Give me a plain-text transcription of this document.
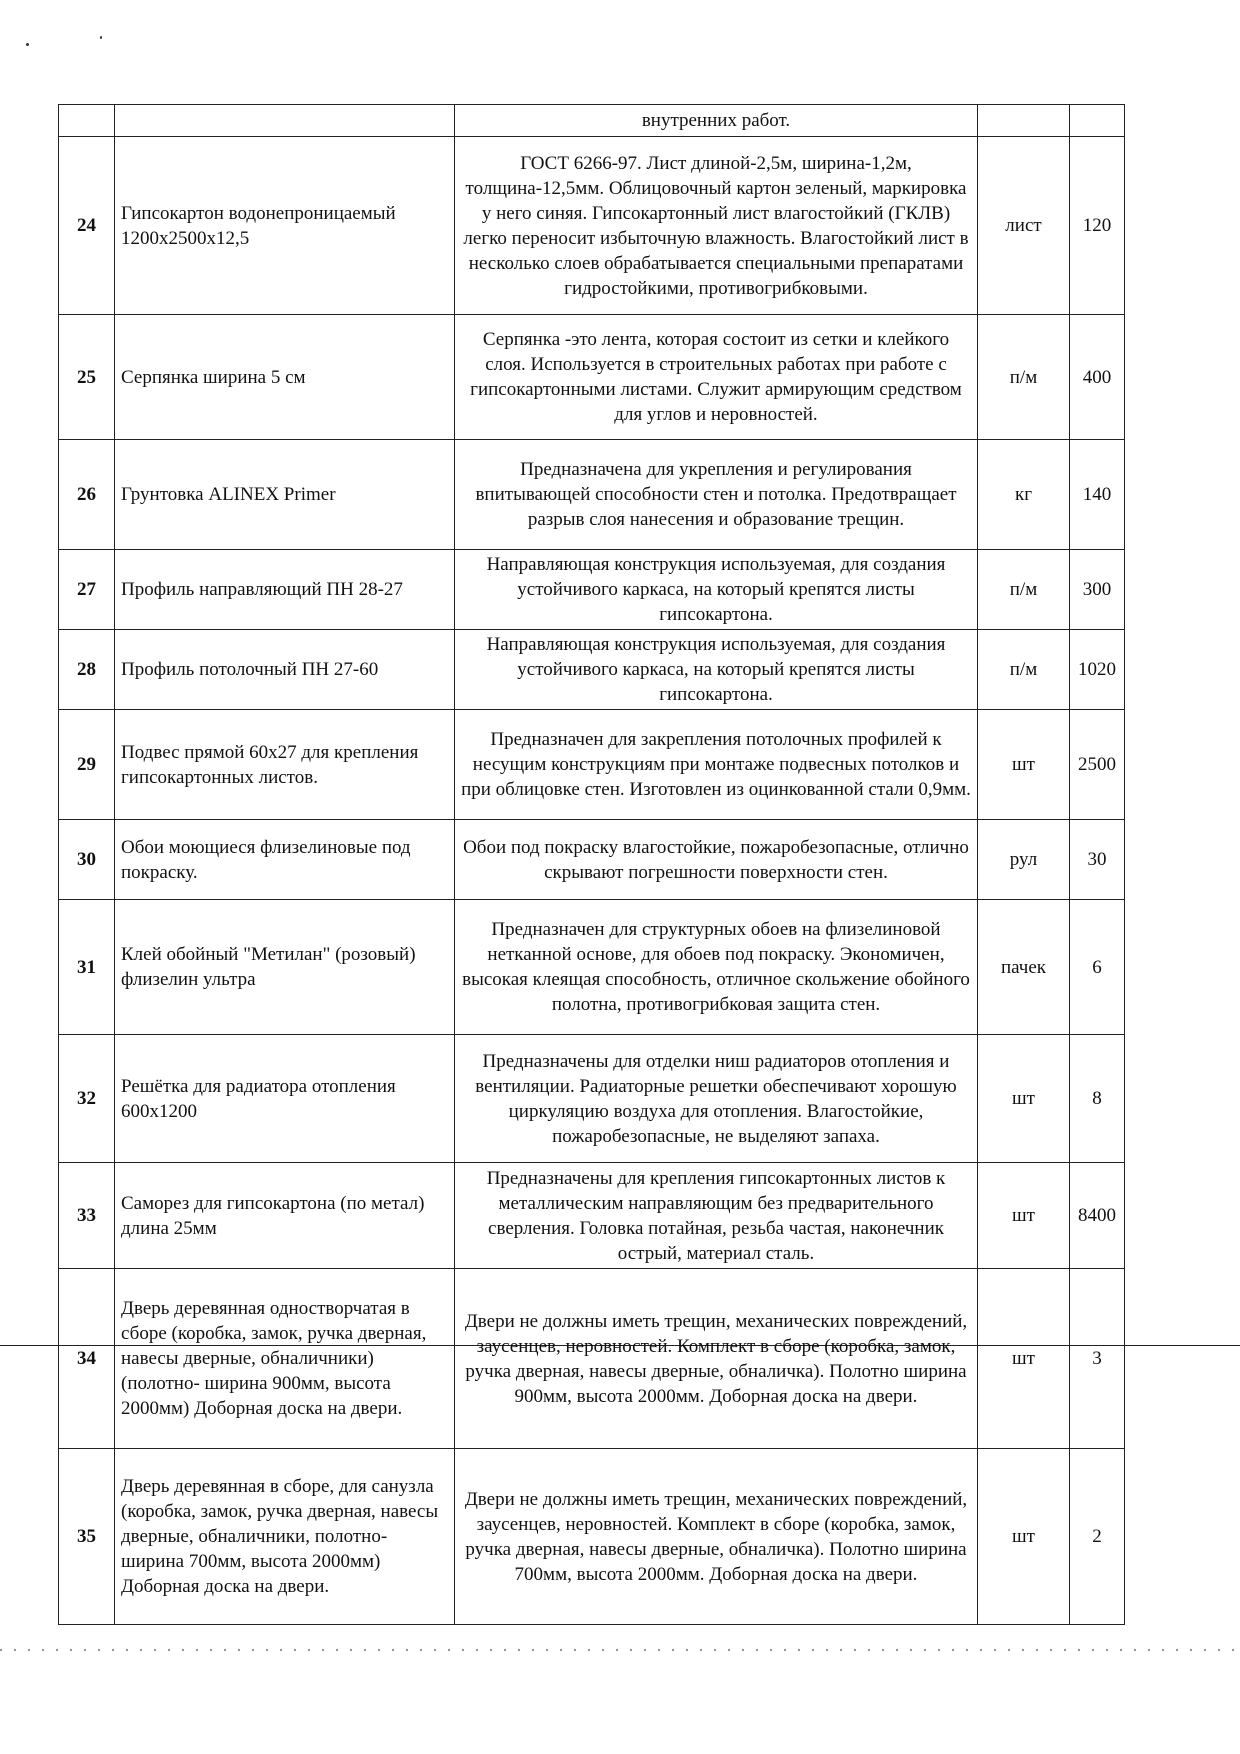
		внутренних работ.		
24	Гипсокартон водонепроницаемый 1200х2500х12,5	ГОСТ 6266-97. Лист длиной-2,5м, ширина-1,2м, толщина-12,5мм. Облицовочный картон зеленый, маркировка у него синяя. Гипсокартонный лист влагостойкий (ГКЛВ) легко переносит избыточную влажность. Влагостойкий лист в несколько слоев обрабатывается специальными препаратами гидростойкими, противогрибковыми.	лист	120
25	Серпянка ширина 5 см	Серпянка -это лента, которая состоит из сетки и клейкого слоя. Используется в строительных работах при работе с гипсокартонными листами. Служит армирующим средством для углов и неровностей.	п/м	400
26	Грунтовка ALINEX Primer	Предназначена для укрепления и регулирования впитывающей способности стен и потолка. Предотвращает разрыв слоя нанесения и образование трещин.	кг	140
27	Профиль направляющий ПН 28-27	Направляющая конструкция используемая, для создания устойчивого каркаса, на который крепятся листы гипсокартона.	п/м	300
28	Профиль потолочный ПН 27-60	Направляющая конструкция используемая, для создания устойчивого каркаса, на который крепятся листы гипсокартона.	п/м	1020
29	Подвес прямой 60х27 для крепления гипсокартонных листов.	Предназначен для закрепления потолочных профилей к несущим конструкциям при монтаже подвесных потолков и при облицовке стен. Изготовлен из оцинкованной стали 0,9мм.	шт	2500
30	Обои моющиеся флизелиновые под покраску.	Обои под покраску влагостойкие, пожаробезопасные, отлично скрывают погрешности поверхности стен.	рул	30
31	Клей обойный "Метилан" (розовый) флизелин ультра	Предназначен для структурных обоев на флизелиновой нетканной основе, для обоев под покраску. Экономичен, высокая клеящая способность, отличное скольжение обойного полотна, противогрибковая защита стен.	пачек	6
32	Решётка для радиатора отопления 600х1200	Предназначены для отделки ниш радиаторов отопления и вентиляции. Радиаторные решетки обеспечивают хорошую циркуляцию воздуха для отопления. Влагостойкие, пожаробезопасные, не выделяют запаха.	шт	8
33	Саморез для гипсокартона (по метал) длина 25мм	Предназначены для крепления гипсокартонных листов к металлическим направляющим без предварительного сверления. Головка потайная, резьба частая, наконечник острый, материал сталь.	шт	8400
34	Дверь деревянная одностворчатая в сборе (коробка, замок, ручка дверная, навесы дверные, обналичники)(полотно- ширина 900мм, высота 2000мм) Доборная доска на двери.	Двери не должны иметь трещин, механических повреждений, заусенцев, неровностей. Комплект в сборе (коробка, замок, ручка дверная, навесы дверные, обналичка). Полотно ширина 900мм, высота 2000мм. Доборная доска на двери.	шт	3
35	Дверь деревянная в сборе, для санузла (коробка, замок, ручка дверная, навесы дверные, обналичники, полотно- ширина 700мм, высота 2000мм) Доборная доска на двери.	Двери не должны иметь трещин, механических повреждений, заусенцев, неровностей. Комплект в сборе (коробка, замок, ручка дверная, навесы дверные, обналичка). Полотно ширина 700мм, высота 2000мм. Доборная доска на двери.	шт	2
